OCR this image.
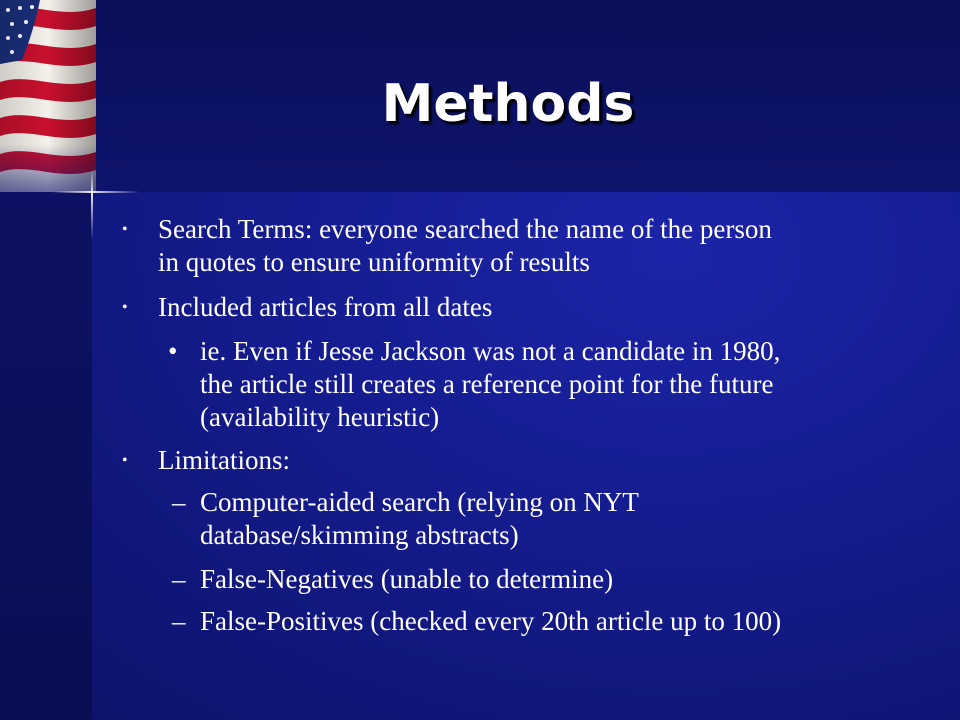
Methods
• Search Terms: everyone searched the name of the person
in quotes to ensure uniformity of results
• Included articles from all dates
• ie. Even if Jesse Jackson was not a candidate in 1980,
the article still creates a reference point for the future
(availability heuristic)
• Limitations:
– Computer-aided search (relying on NYT
database/skimming abstracts)
– False-Negatives (unable to determine)
– False-Positives (checked every 20th article up to 100)
